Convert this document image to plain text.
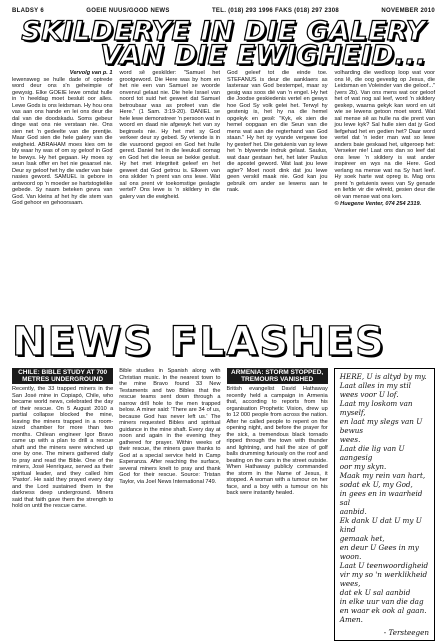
BLADSY 6	GOEIE NUUS/GOOD NEWS	TEL. (018) 293 1996 FAKS (018) 297 2308	NOVEMBER 2010
SKILDERYE IN DIE GALERY
VAN DIE EWIGHEID...
Vervolg van p. 1

lewensweg se hulle dade of optrede word deur ons s'n geheimpie of gewysig. Elke GOEIE lewe omdat hulle in 'n heeldag moet besluit oor alles. Lewe Gods is ons leidsman. Hy hou ons vas aan ons hande en lei ons deur die dal van die doodskadu. Soms gebeur dinge wat ons nie verstaan nie. Ons sien net 'n gedeelte van die prentjie. Maar God sien die hele galery van die ewigheid. ABRAHAM moes kies om te bly waar hy was of om sy geloof in God te bewys. Hy het gegaan. Hy moes sy seun Isak offer en het nie geaarsel nie. Deur sy geloof het hy die vader van baie nasies geword. SAMUEL is gebore in antwoord op 'n moeder se hartstogtelike gebede. Sy naam beteken gevra van God. Van kleins af het hy die stem van God gehoor en gehoorsaam.

word sê geskilder: "Samuel het grootgeword. Die Here was by hom en het nie een van Samuel se woorde onvervul gelaat nie. Die hele Israel van noord tot suid het geweet dat Samuel betroubaar was as profeet van die Here." (1 Sam. 3:19-20). DANIEL se hele lewe demonstreer 'n persoon wat in woord en daad nie afgewyk het van sy beginsels nie. Hy het met sy God verkeer deur sy gebed. Sy vriende is in die vuuroond gegooi en God het hulle gered. Daniel het in die leeukuil oornag en God het die leeus se bekke gesluit. Hy het met integriteit geleef en het geweet dat God getrou is. Elkeen van ons skilder 'n prent van ons lewe. Wat sal ons prent vir toekomstige geslagte vertel? Ons lewe is 'n skildery in die galery van die ewigheid.

God geleef tot die einde toe. STEFANUS is deur die aanklaers as lasteraar van God bestempel, maar sy gesig was soos dié van 'n engel. Hy het die Joodse geskiedenis vertel en gewys hoe God Sy volk gelei het. Terwyl hy gestenig is, het hy na die hemel opgekyk en gesê: "Kyk, ek sien die hemel oopgaan en die Seun van die mens wat aan die regterhand van God staan." Hy het sy vyande vergewe toe hy gesterf het. Die getuienis van sy lewe het 'n blywende indruk gelaat. Saulus, wat daar gestaan het, het later Paulus die apostel geword. Wat laat jou lewe agter? Moet nooit dink dat jou lewe geen verskil maak nie. God kan jou gebruik om ander se lewens aan te raak.

volharding die wedloop loop wat voor ons lê, die oog gevestig op Jesus, die Leidsman en Voleinder van die geloof..." (vers 2b). Van ons mens wat oor geloof het of wat nog sal leef, word 'n skildery geskep, waarna gekyk kan word en uit wie se lewens getoon moet word. Wat sal mense sê as hulle na die prent van jou lewe kyk? Sal hulle sien dat jy God liefgehad het en gedien het? Daar word vertel dat 'n ieder man wat so lewe anders baie geskaad het, uitgeroep het: Verseker nie! Laat ons dan so leef dat ons lewe 'n skildery is wat ander inspireer en wys na die Here. God verlang na mense wat na Sy hart leef. Hy soek harte wat opreg is. Mag ons prent 'n getuienis wees van Sy genade en liefde vir die wêreld, gesien deur die oë van mense wat ons ken.

© Huegene Venter, 074 254 2319.

NEWS FLASHES
CHILE: BIBLE STUDY AT 700 METRES UNDERGROUND

Recently, the 33 trapped miners in the San José mine in Copiapó, Chile, who became world news, celebrated the day of their rescue. On 5 August 2010 a partial collapse blocked the mine, leaving the miners trapped in a room-sized chamber for more than two months. Chilean engineer Igor Bravo came up with a plan to drill a rescue shaft and the miners were winched up one by one. The miners gathered daily to pray and read the Bible. One of the miners, José Henríquez, served as their spiritual leader, and they called him 'Pastor'. He said they prayed every day and the Lord sustained them in the darkness deep underground. Miners said that faith gave them the strength to hold on until the rescue came.

Bible studies in Spanish along with Christian music. In the nearest town to the mine Bravo found 33 New Testaments and two Bibles that the rescue teams sent down through a narrow drill hole to the men trapped below. A miner said: 'There are 34 of us, because God has never left us.' The miners requested Bibles and spiritual guidance in the mine shaft. Every day at noon and again in the evening they gathered for prayer. Within weeks of their rescue, the miners gave thanks to God at a special service held in Camp Esperanza. After reaching the surface, several miners knelt to pray and thank God for their rescue. Source: Tristan Taylor, via Joel News International 749.

ARMENIA: STORM STOPPED, TREMOURS VANISHED

British evangelist David Hathaway recently held a campaign in Armenia that, according to reports from his organisation Prophetic Vision, drew up to 12 000 people from across the nation. After he called people to repent on the opening night, and before the prayer for the sick, a tremendous black tornado ripped through the town with thunder and lightning, and hail the size of golf balls drumming furiously on the roof and beating on the cars in the street outside. When Hathaway publicly commanded the storm in the Name of Jesus, it stopped. A woman with a tumour on her face, and a boy with a tumour on his back were instantly healed.

HERE, U is altyd by my.
Laat alles in my stil
wees voor U lof.
Laat my loskom van myself,
en laat my slegs van U bewus
wees.
Laat die lig van U aangesig
oor my skyn.
Maak my rein van hart,
sodat ek U, my God,
in gees en in waarheid sal
aanbid.
Ek dank U dat U my U kind
gemaak het,
en deur U Gees in my woon.
Laat U teenwoordigheid
vir my so 'n werklikheid wees,
dat ek U sal aanbid
in elke uur van die dag
en waar ek ook al gaan.
Amen.
- Tersteegen
